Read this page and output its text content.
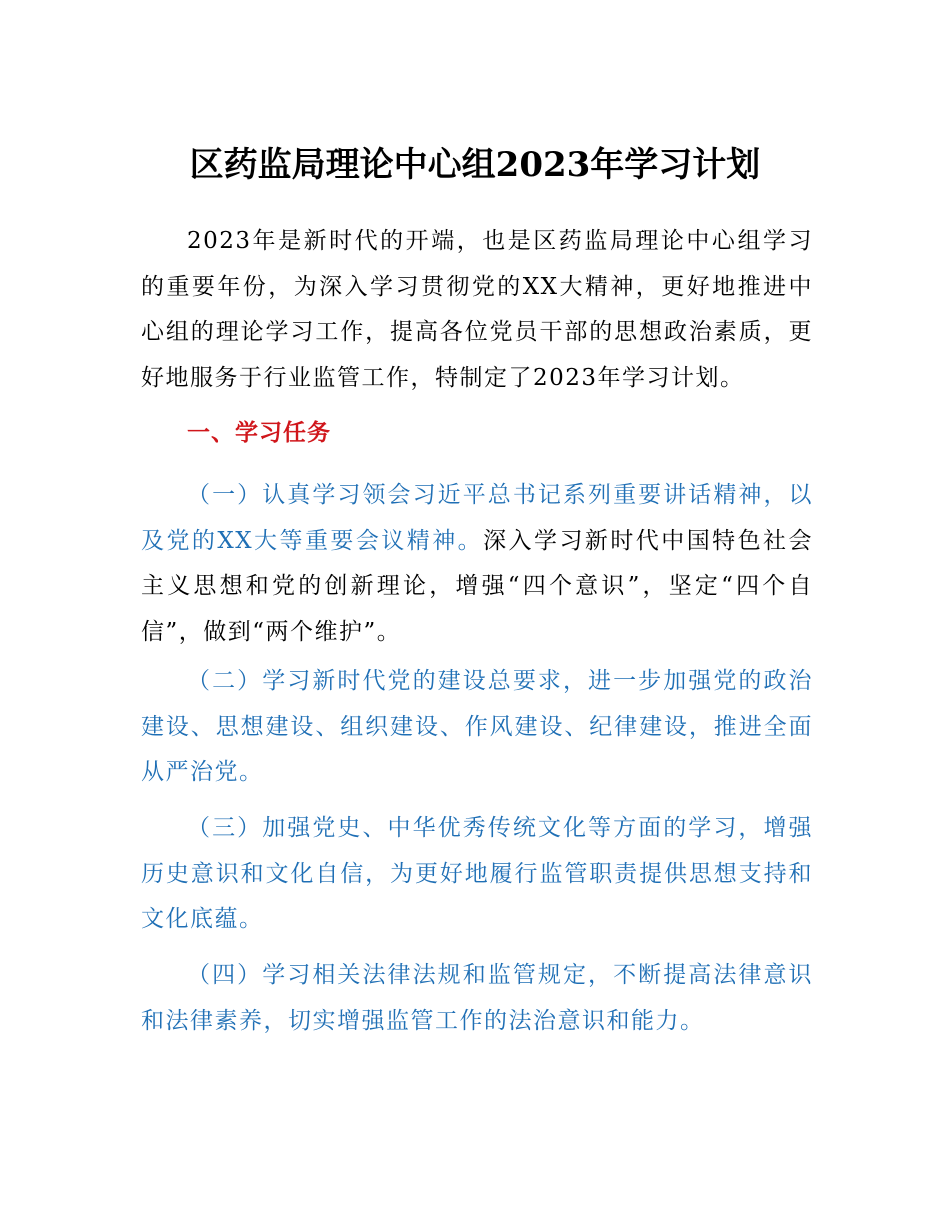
区药监局理论中心组2023年学习计划

2023年是新时代的开端，也是区药监局理论中心组学习的重要年份，为深入学习贯彻党的XX大精神，更好地推进中心组的理论学习工作，提高各位党员干部的思想政治素质，更好地服务于行业监管工作，特制定了2023年学习计划。

一、学习任务

（一）认真学习领会习近平总书记系列重要讲话精神，以及党的XX大等重要会议精神。深入学习新时代中国特色社会主义思想和党的创新理论，增强“四个意识”，坚定“四个自信”，做到“两个维护”。

（二）学习新时代党的建设总要求，进一步加强党的政治建设、思想建设、组织建设、作风建设、纪律建设，推进全面从严治党。

（三）加强党史、中华优秀传统文化等方面的学习，增强历史意识和文化自信，为更好地履行监管职责提供思想支持和文化底蕴。

（四）学习相关法律法规和监管规定，不断提高法律意识和法律素养，切实增强监管工作的法治意识和能力。
